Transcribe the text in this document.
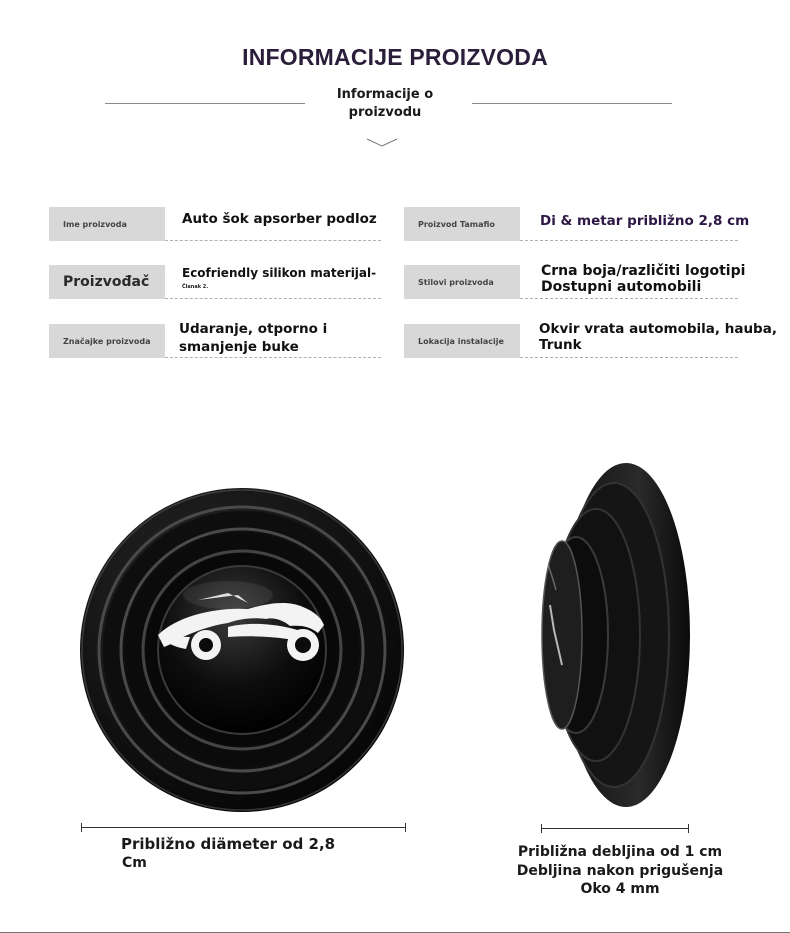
INFORMACIJE PROIZVODA
Informacije o proizvodu
Ime proizvoda	Auto šok apsorber podloz
Proizvođač
Ecofriendly silikon materijal-
Članak 2.
Značajke proizvoda
Udaranje, otporno i
smanjenje buke
Proizvod Tamafio	Di & metar približno 2,8 cm
Stilovi proizvoda
Crna boja/različiti logotipi
Dostupni automobili
Lokacija instalacije
Okvir vrata automobila, hauba,
Trunk
Približno diämeter od 2,8
Cm
Približna debljina od 1 cm
Debljina nakon prigušenja
Oko 4 mm
